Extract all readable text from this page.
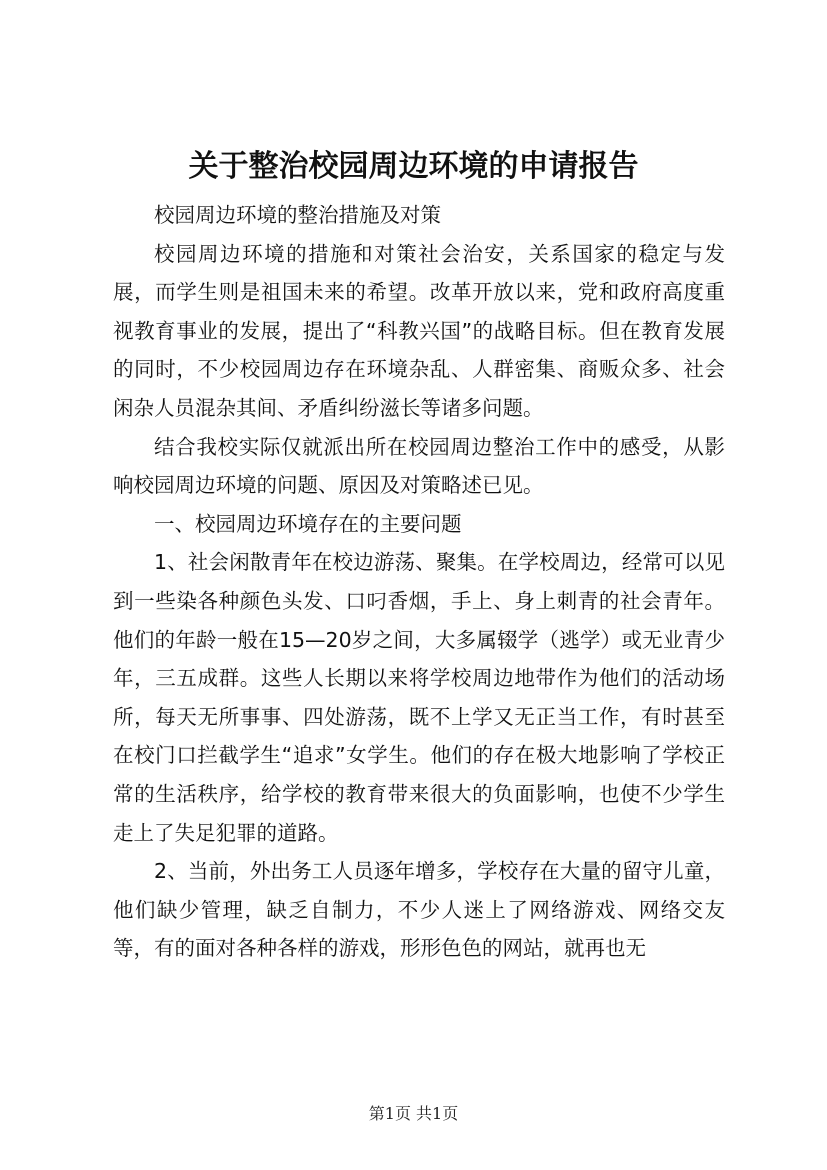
关于整治校园周边环境的申请报告

校园周边环境的整治措施及对策

校园周边环境的措施和对策社会治安，关系国家的稳定与发展，而学生则是祖国未来的希望。改革开放以来，党和政府高度重视教育事业的发展，提出了“科教兴国”的战略目标。但在教育发展的同时，不少校园周边存在环境杂乱、人群密集、商贩众多、社会闲杂人员混杂其间、矛盾纠纷滋长等诸多问题。

结合我校实际仅就派出所在校园周边整治工作中的感受，从影响校园周边环境的问题、原因及对策略述已见。

一、校园周边环境存在的主要问题

1、社会闲散青年在校边游荡、聚集。在学校周边，经常可以见到一些染各种颜色头发、口叼香烟，手上、身上刺青的社会青年。他们的年龄一般在15—20岁之间，大多属辍学（逃学）或无业青少年，三五成群。这些人长期以来将学校周边地带作为他们的活动场所，每天无所事事、四处游荡，既不上学又无正当工作，有时甚至在校门口拦截学生“追求”女学生。他们的存在极大地影响了学校正常的生活秩序，给学校的教育带来很大的负面影响，也使不少学生走上了失足犯罪的道路。

2、当前，外出务工人员逐年增多，学校存在大量的留守儿童，他们缺少管理，缺乏自制力，不少人迷上了网络游戏、网络交友等，有的面对各种各样的游戏，形形色色的网站，就再也无

第1页 共1页
